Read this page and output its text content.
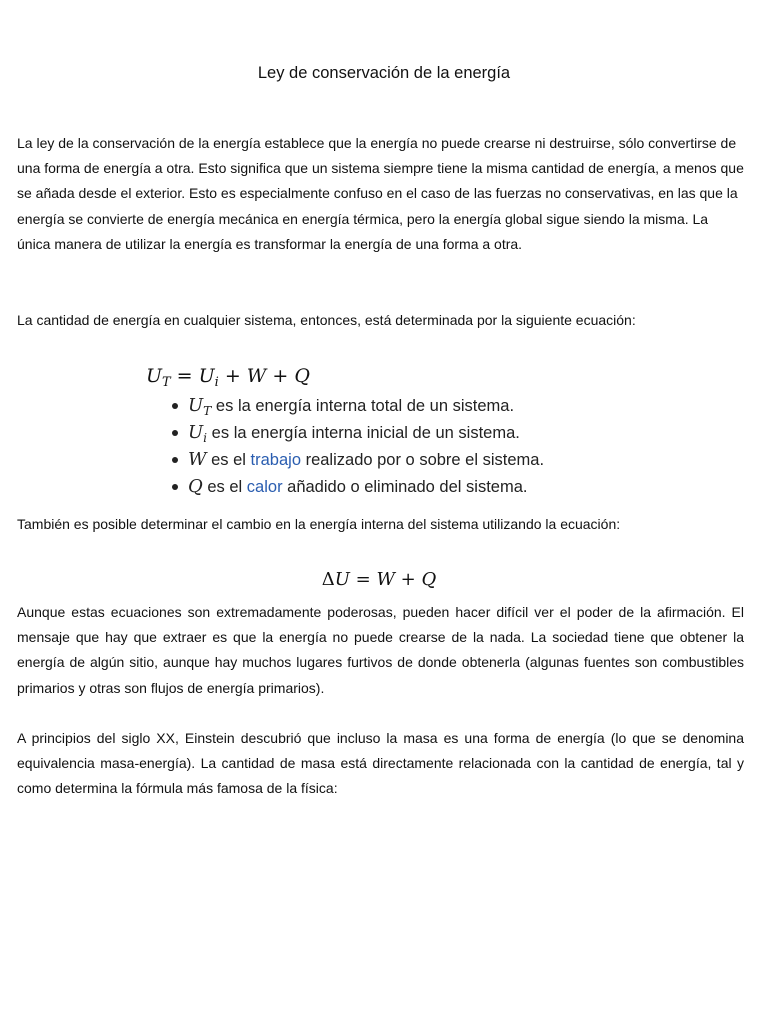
Ley de conservación de la energía

La ley de la conservación de la energía establece que la energía no puede crearse ni destruirse, sólo convertirse de una forma de energía a otra. Esto significa que un sistema siempre tiene la misma cantidad de energía, a menos que se añada desde el exterior. Esto es especialmente confuso en el caso de las fuerzas no conservativas, en las que la energía se convierte de energía mecánica en energía térmica, pero la energía global sigue siendo la misma. La única manera de utilizar la energía es transformar la energía de una forma a otra.

La cantidad de energía en cualquier sistema, entonces, está determinada por la siguiente ecuación:

$U_T = U_i + W + Q$

$U_T$ es la energía interna total de un sistema.
$U_i$ es la energía interna inicial de un sistema.
W es el trabajo realizado por o sobre el sistema.
Q es el calor añadido o eliminado del sistema.

También es posible determinar el cambio en la energía interna del sistema utilizando la ecuación:

ΔU = W + Q

Aunque estas ecuaciones son extremadamente poderosas, pueden hacer difícil ver el poder de la afirmación. El mensaje que hay que extraer es que la energía no puede crearse de la nada. La sociedad tiene que obtener la energía de algún sitio, aunque hay muchos lugares furtivos de donde obtenerla (algunas fuentes son combustibles primarios y otras son flujos de energía primarios).

A principios del siglo XX, Einstein descubrió que incluso la masa es una forma de energía (lo que se denomina equivalencia masa-energía). La cantidad de masa está directamente relacionada con la cantidad de energía, tal y como determina la fórmula más famosa de la física:
